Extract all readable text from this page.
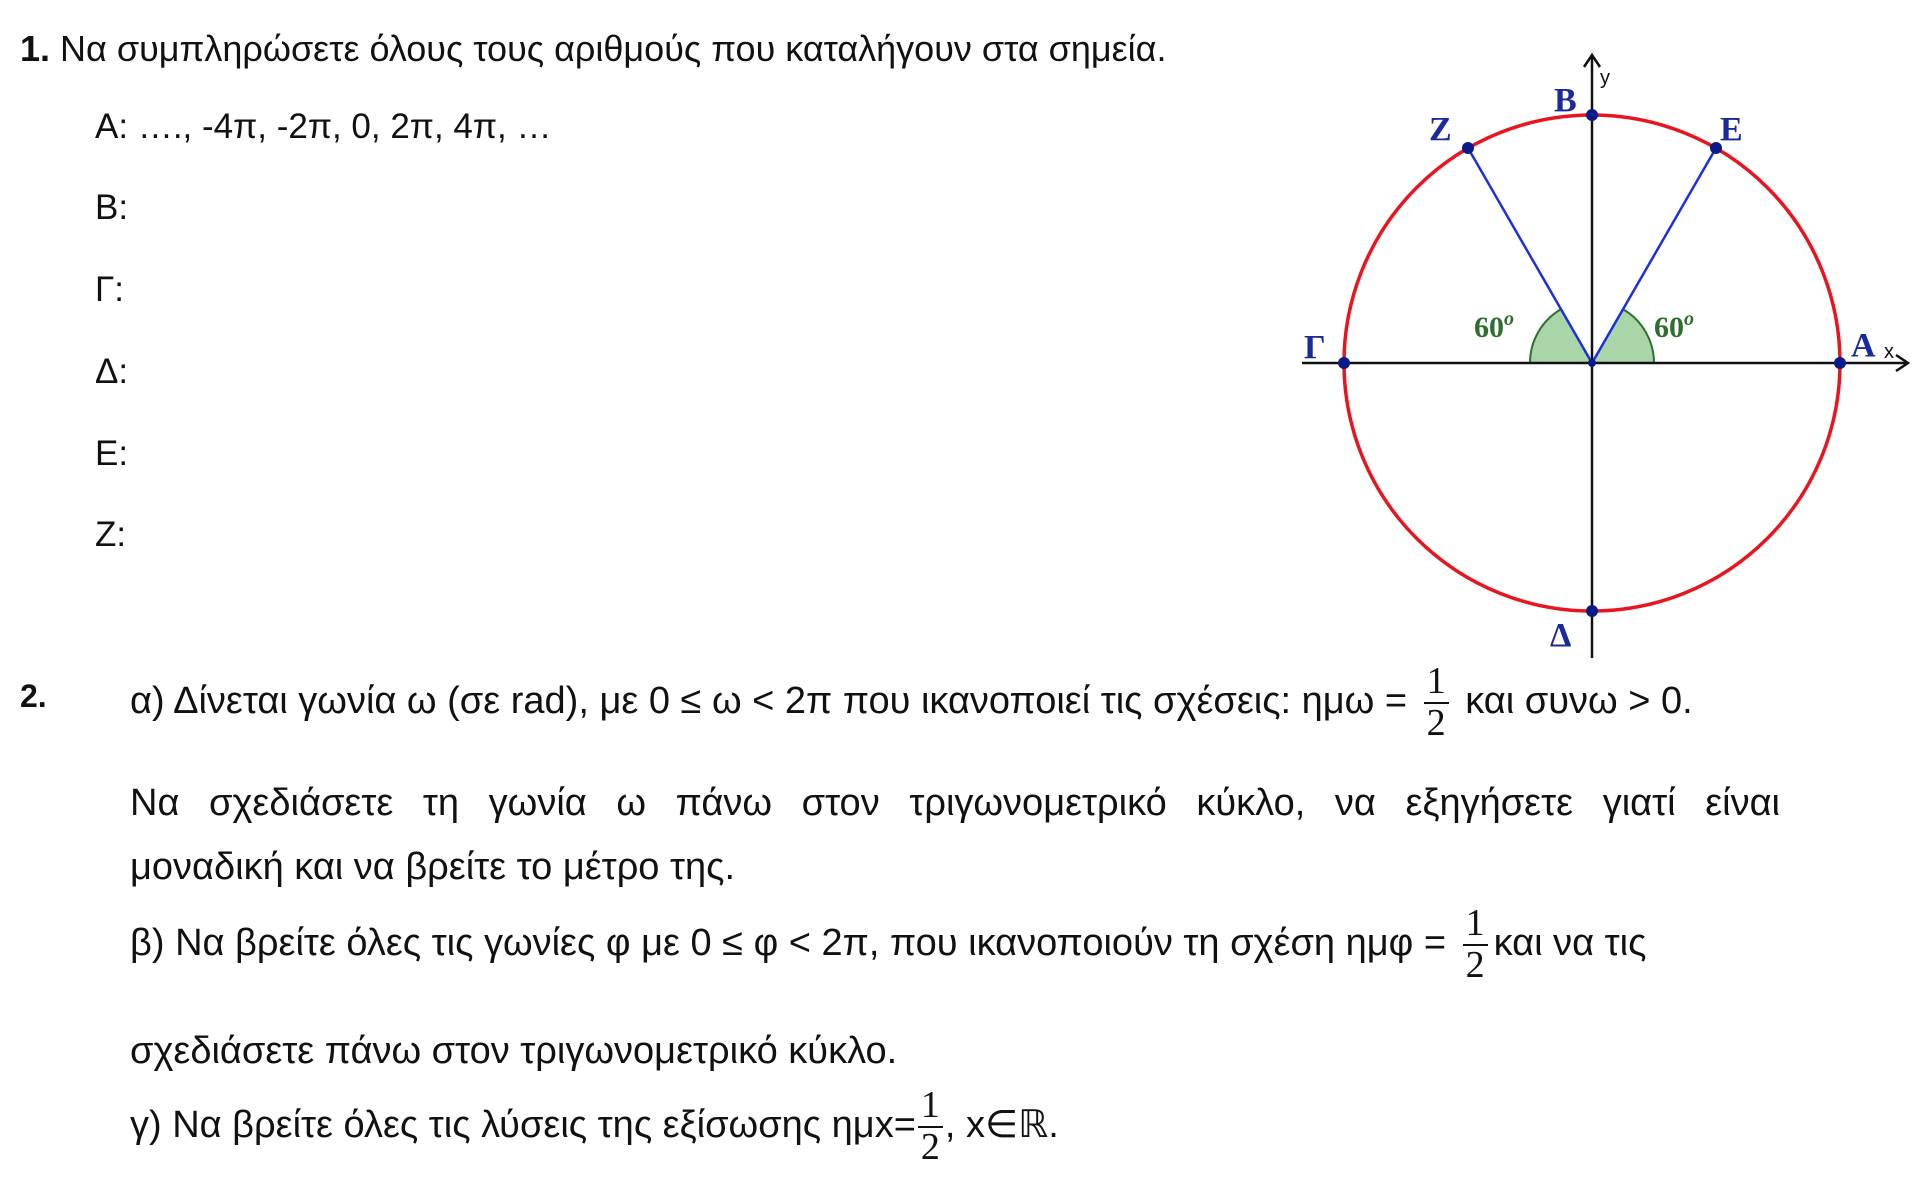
1. Να συμπληρώσετε όλους τους αριθμούς που καταλήγουν στα σημεία.
Α: …., -4π, -2π, 0, 2π, 4π, …
Β:
Γ:
Δ:
Ε:
Ζ:
Α x
Β
y
Γ
Δ
Ε
Ζ
60$^o$	60$^o$
2. α) Δίνεται γωνία ω (σε rad), με 0 ≤ ω < 2π που ικανοποιεί τις σχέσεις: $\eta\mu\omega = \frac{1}{2}$ και συνω > 0.
Να σχεδιάσετε τη γωνία ω πάνω στον τριγωνομετρικό κύκλο, να εξηγήσετε γιατί είναι
μοναδική και να βρείτε το μέτρο της.
β) Να βρείτε όλες τις γωνίες φ με 0 ≤ φ < 2π, που ικανοποιούν τη σχέση $\eta\mu\varphi = \frac{1}{2}$ και να τις
σχεδιάσετε πάνω στον τριγωνομετρικό κύκλο.
γ) Να βρείτε όλες τις λύσεις της εξίσωσης $\eta\mu x= \frac{1}{2}$ , x∈ℝ.
